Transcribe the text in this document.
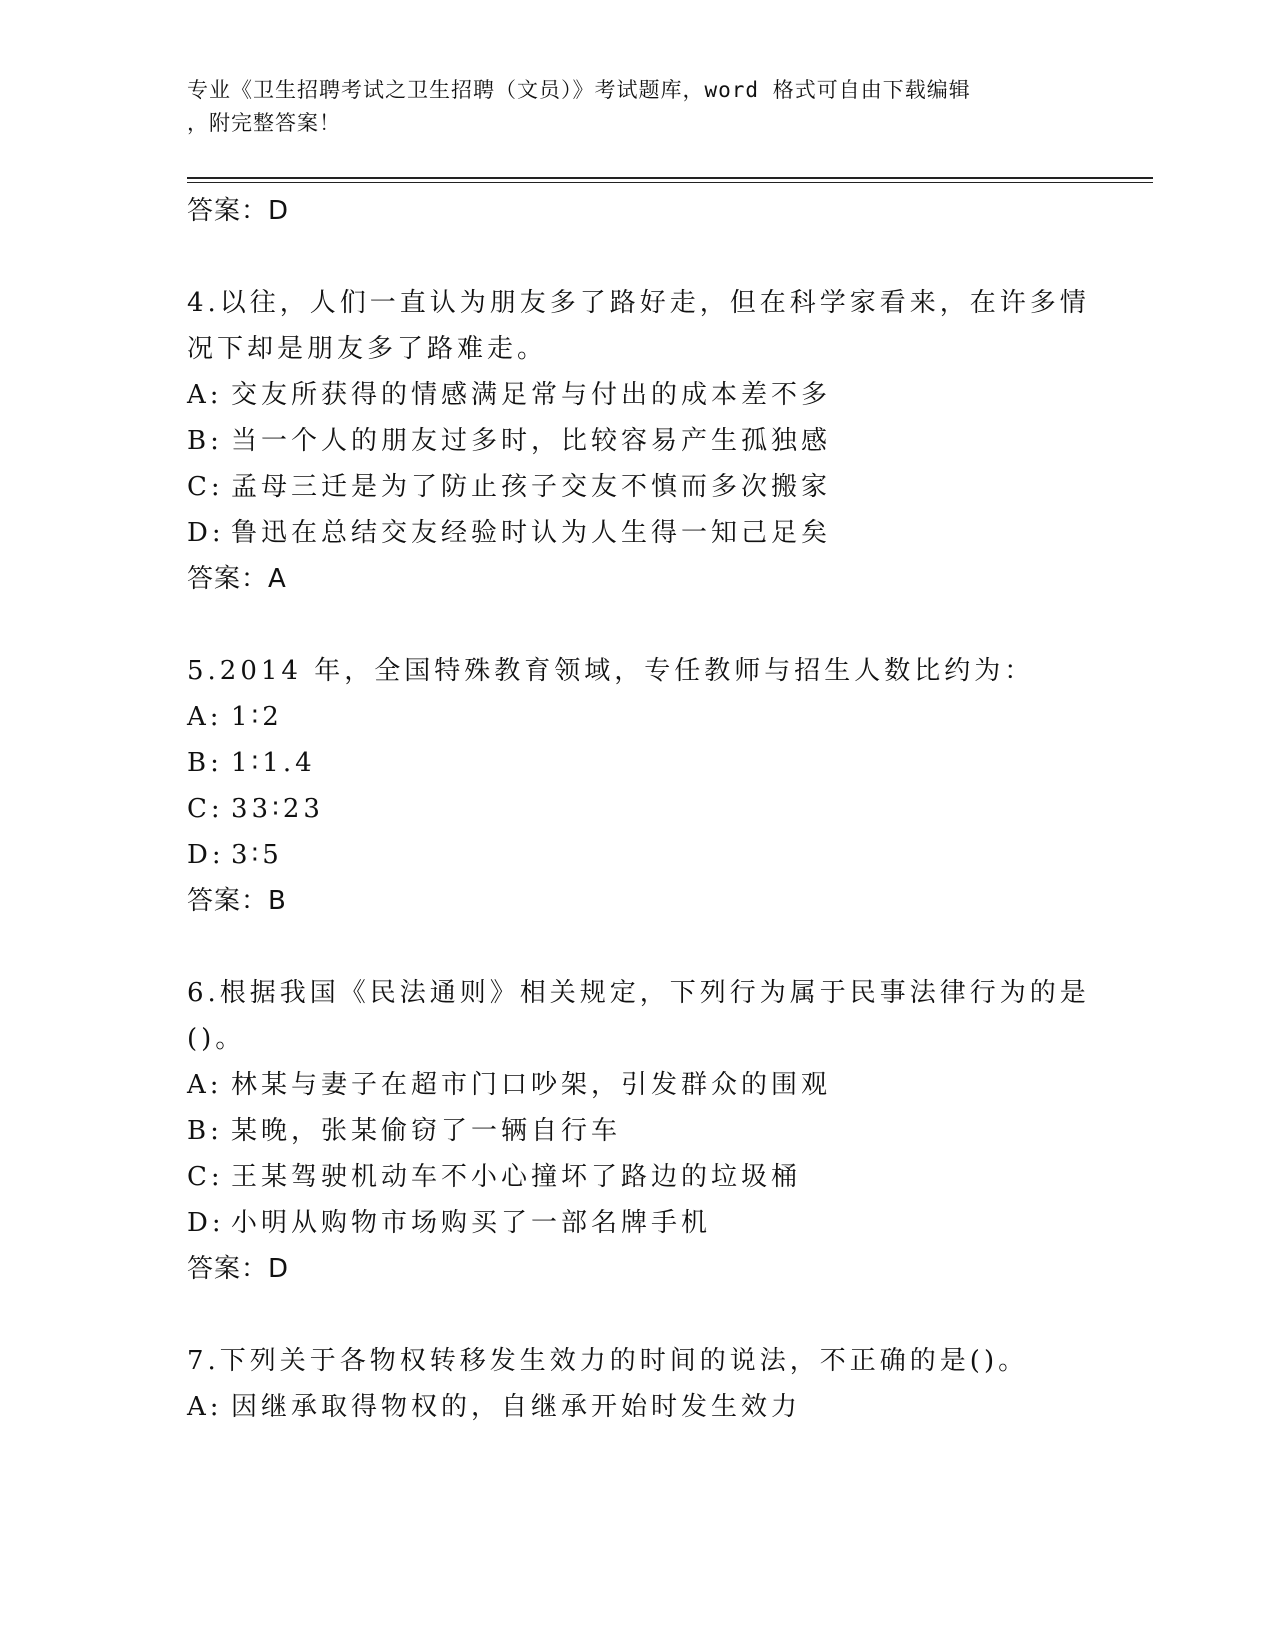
专业《卫生招聘考试之卫生招聘（文员）》考试题库，word 格式可自由下载编辑
，附完整答案！
答案：D
4.以往，人们一直认为朋友多了路好走，但在科学家看来，在许多情
况下却是朋友多了路难走。
A: 交友所获得的情感满足常与付出的成本差不多
B: 当一个人的朋友过多时，比较容易产生孤独感
C: 孟母三迁是为了防止孩子交友不慎而多次搬家
D: 鲁迅在总结交友经验时认为人生得一知己足矣
答案：A
5.2014 年，全国特殊教育领域，专任教师与招生人数比约为：
A: 1∶2
B: 1∶1.4
C: 33∶23
D: 3∶5
答案：B
6.根据我国《民法通则》相关规定，下列行为属于民事法律行为的是
()。
A: 林某与妻子在超市门口吵架，引发群众的围观
B: 某晚，张某偷窃了一辆自行车
C: 王某驾驶机动车不小心撞坏了路边的垃圾桶
D: 小明从购物市场购买了一部名牌手机
答案：D
7.下列关于各物权转移发生效力的时间的说法，不正确的是()。
A: 因继承取得物权的，自继承开始时发生效力
